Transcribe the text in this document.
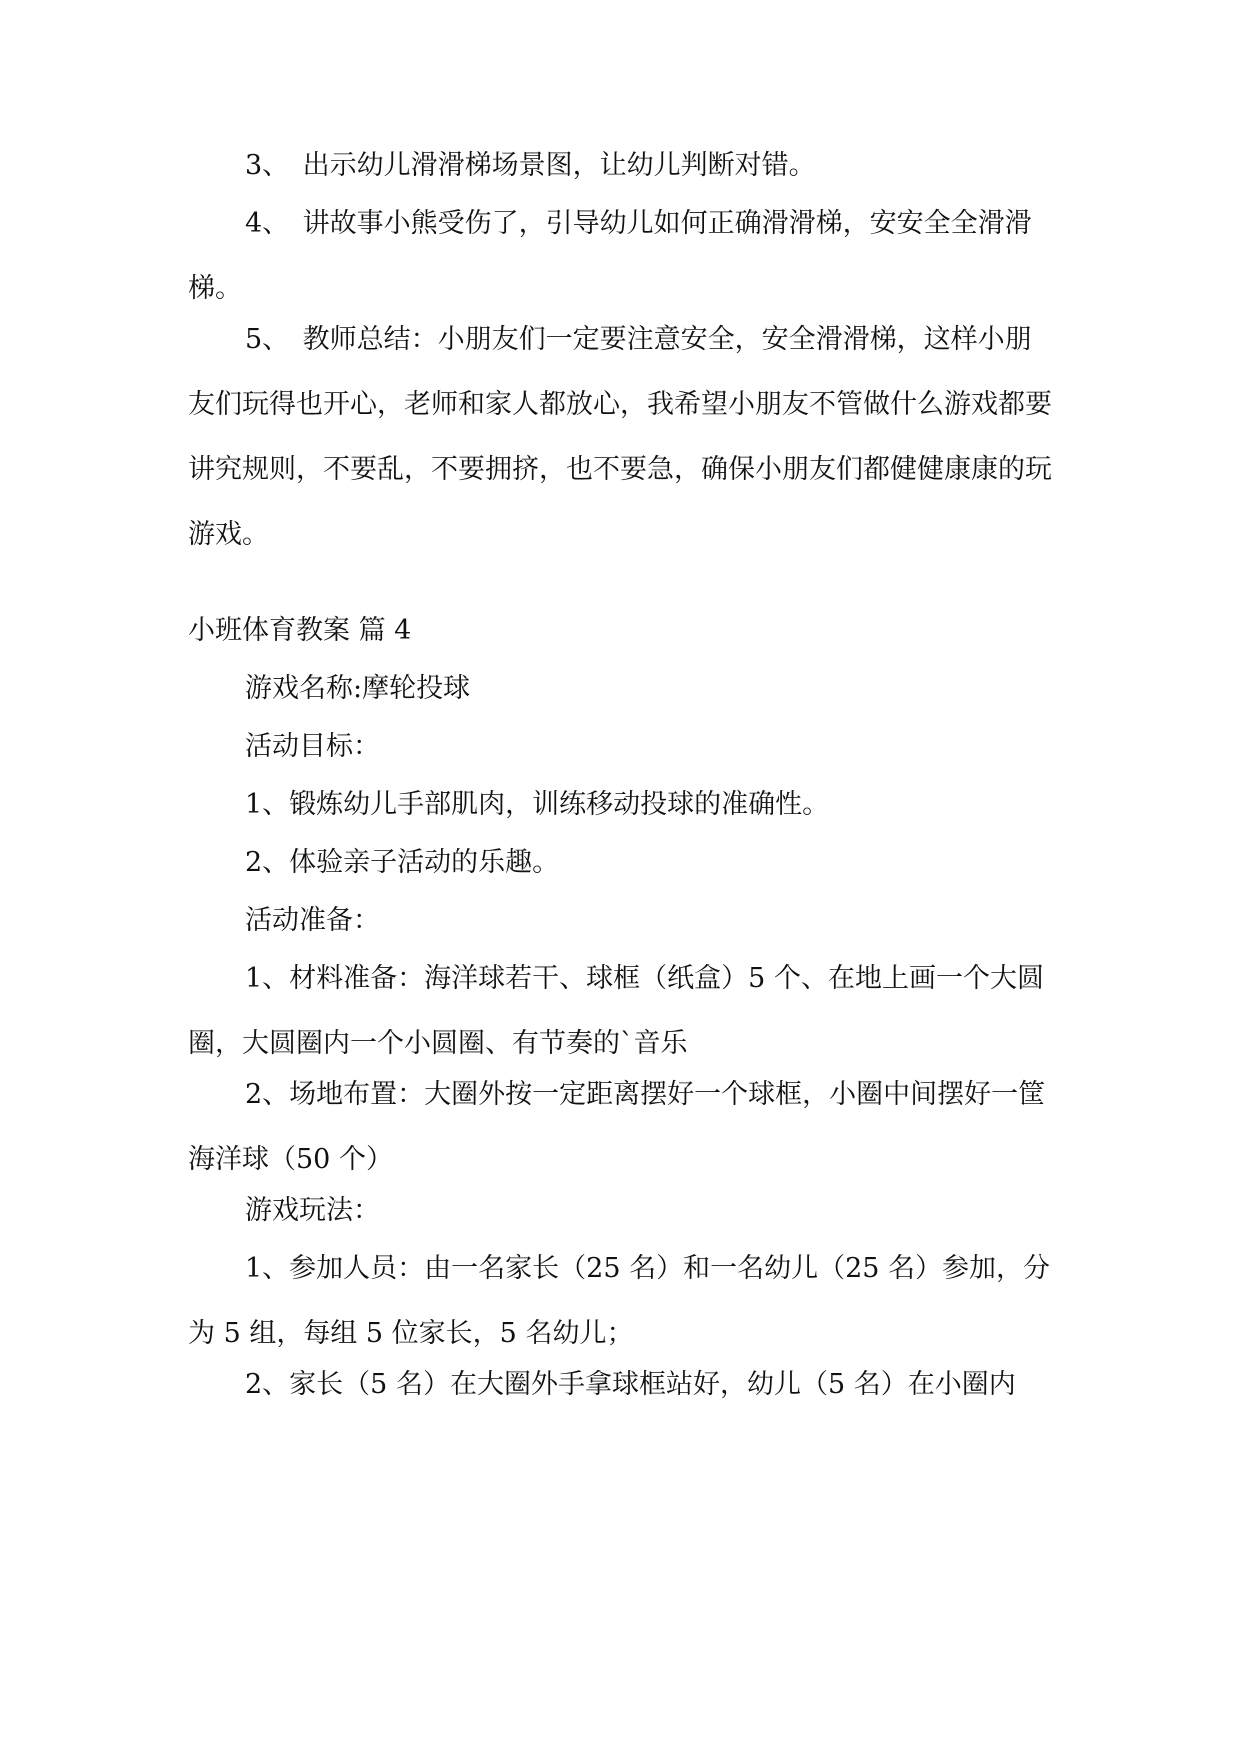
3、　出示幼儿滑滑梯场景图，让幼儿判断对错。

4、　讲故事小熊受伤了，引导幼儿如何正确滑滑梯，安安全全滑滑梯。

5、　教师总结：小朋友们一定要注意安全，安全滑滑梯，这样小朋友们玩得也开心，老师和家人都放心，我希望小朋友不管做什么游戏都要讲究规则，不要乱，不要拥挤，也不要急，确保小朋友们都健健康康的玩游戏。

小班体育教案 篇 4

游戏名称:摩轮投球

活动目标：

1、锻炼幼儿手部肌肉，训练移动投球的准确性。

2、体验亲子活动的乐趣。

活动准备：

1、材料准备：海洋球若干、球框（纸盒）5 个、在地上画一个大圆圈，大圆圈内一个小圆圈、有节奏的`音乐

2、场地布置：大圈外按一定距离摆好一个球框，小圈中间摆好一筐海洋球（50 个）

游戏玩法：

1、参加人员：由一名家长（25 名）和一名幼儿（25 名）参加，分为 5 组，每组 5 位家长，5 名幼儿；

2、家长（5 名）在大圈外手拿球框站好，幼儿（5 名）在小圈内
